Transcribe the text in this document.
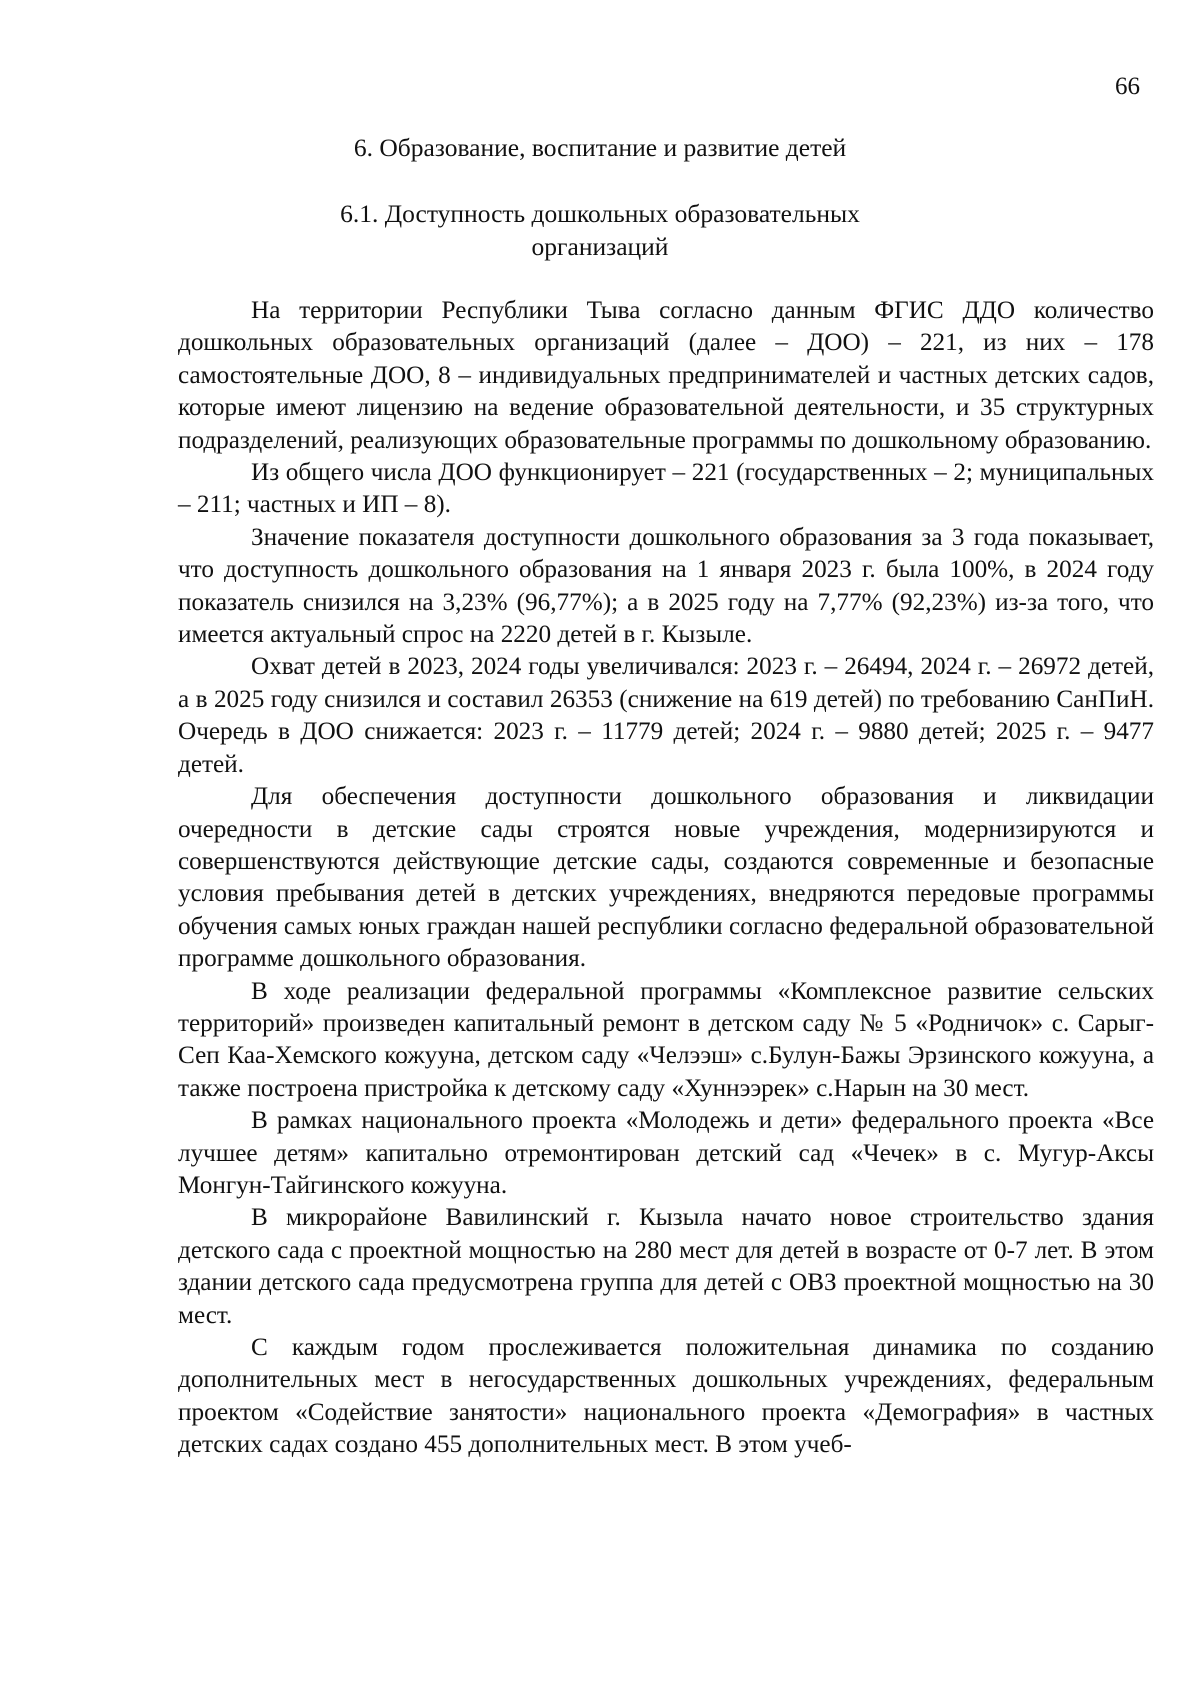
66
6. Образование, воспитание и развитие детей
6.1. Доступность дошкольных образовательных
организаций

На территории Республики Тыва согласно данным ФГИС ДДО количество дошкольных образовательных организаций (далее – ДОО) – 221, из них – 178 самостоятельные ДОО, 8 – индивидуальных предпринимателей и частных детских садов, которые имеют лицензию на ведение образовательной деятельности, и 35 структурных подразделений, реализующих образовательные программы по дошкольному образованию.

Из общего числа ДОО функционирует – 221 (государственных – 2; муниципальных – 211; частных и ИП – 8).

Значение показателя доступности дошкольного образования за 3 года показывает, что доступность дошкольного образования на 1 января 2023 г. была 100%, в 2024 году показатель снизился на 3,23% (96,77%); а в 2025 году на 7,77% (92,23%) из-за того, что имеется актуальный спрос на 2220 детей в г. Кызыле.

Охват детей в 2023, 2024 годы увеличивался: 2023 г. – 26494, 2024 г. – 26972 детей, а в 2025 году снизился и составил 26353 (снижение на 619 детей) по требованию СанПиН. Очередь в ДОО снижается: 2023 г. – 11779 детей; 2024 г. – 9880 детей; 2025 г. – 9477 детей.

Для обеспечения доступности дошкольного образования и ликвидации очередности в детские сады строятся новые учреждения, модернизируются и совершенствуются действующие детские сады, создаются современные и безопасные условия пребывания детей в детских учреждениях, внедряются передовые программы обучения самых юных граждан нашей республики согласно федеральной образовательной программе дошкольного образования.

В ходе реализации федеральной программы «Комплексное развитие сельских территорий» произведен капитальный ремонт в детском саду № 5 «Родничок» с. Сарыг-Сеп Каа-Хемского кожууна, детском саду «Челээш» с.Булун-Бажы Эрзинского кожууна, а также построена пристройка к детскому саду «Хуннээрек» с.Нарын на 30 мест.

В рамках национального проекта «Молодежь и дети» федерального проекта «Все лучшее детям» капитально отремонтирован детский сад «Чечек» в с. Мугур-Аксы Монгун-Тайгинского кожууна.

В микрорайоне Вавилинский г. Кызыла начато новое строительство здания детского сада с проектной мощностью на 280 мест для детей в возрасте от 0-7 лет. В этом здании детского сада предусмотрена группа для детей с ОВЗ проектной мощностью на 30 мест.

С каждым годом прослеживается положительная динамика по созданию дополнительных мест в негосударственных дошкольных учреждениях, федеральным проектом «Содействие занятости» национального проекта «Демография» в частных детских садах создано 455 дополнительных мест. В этом учеб-
